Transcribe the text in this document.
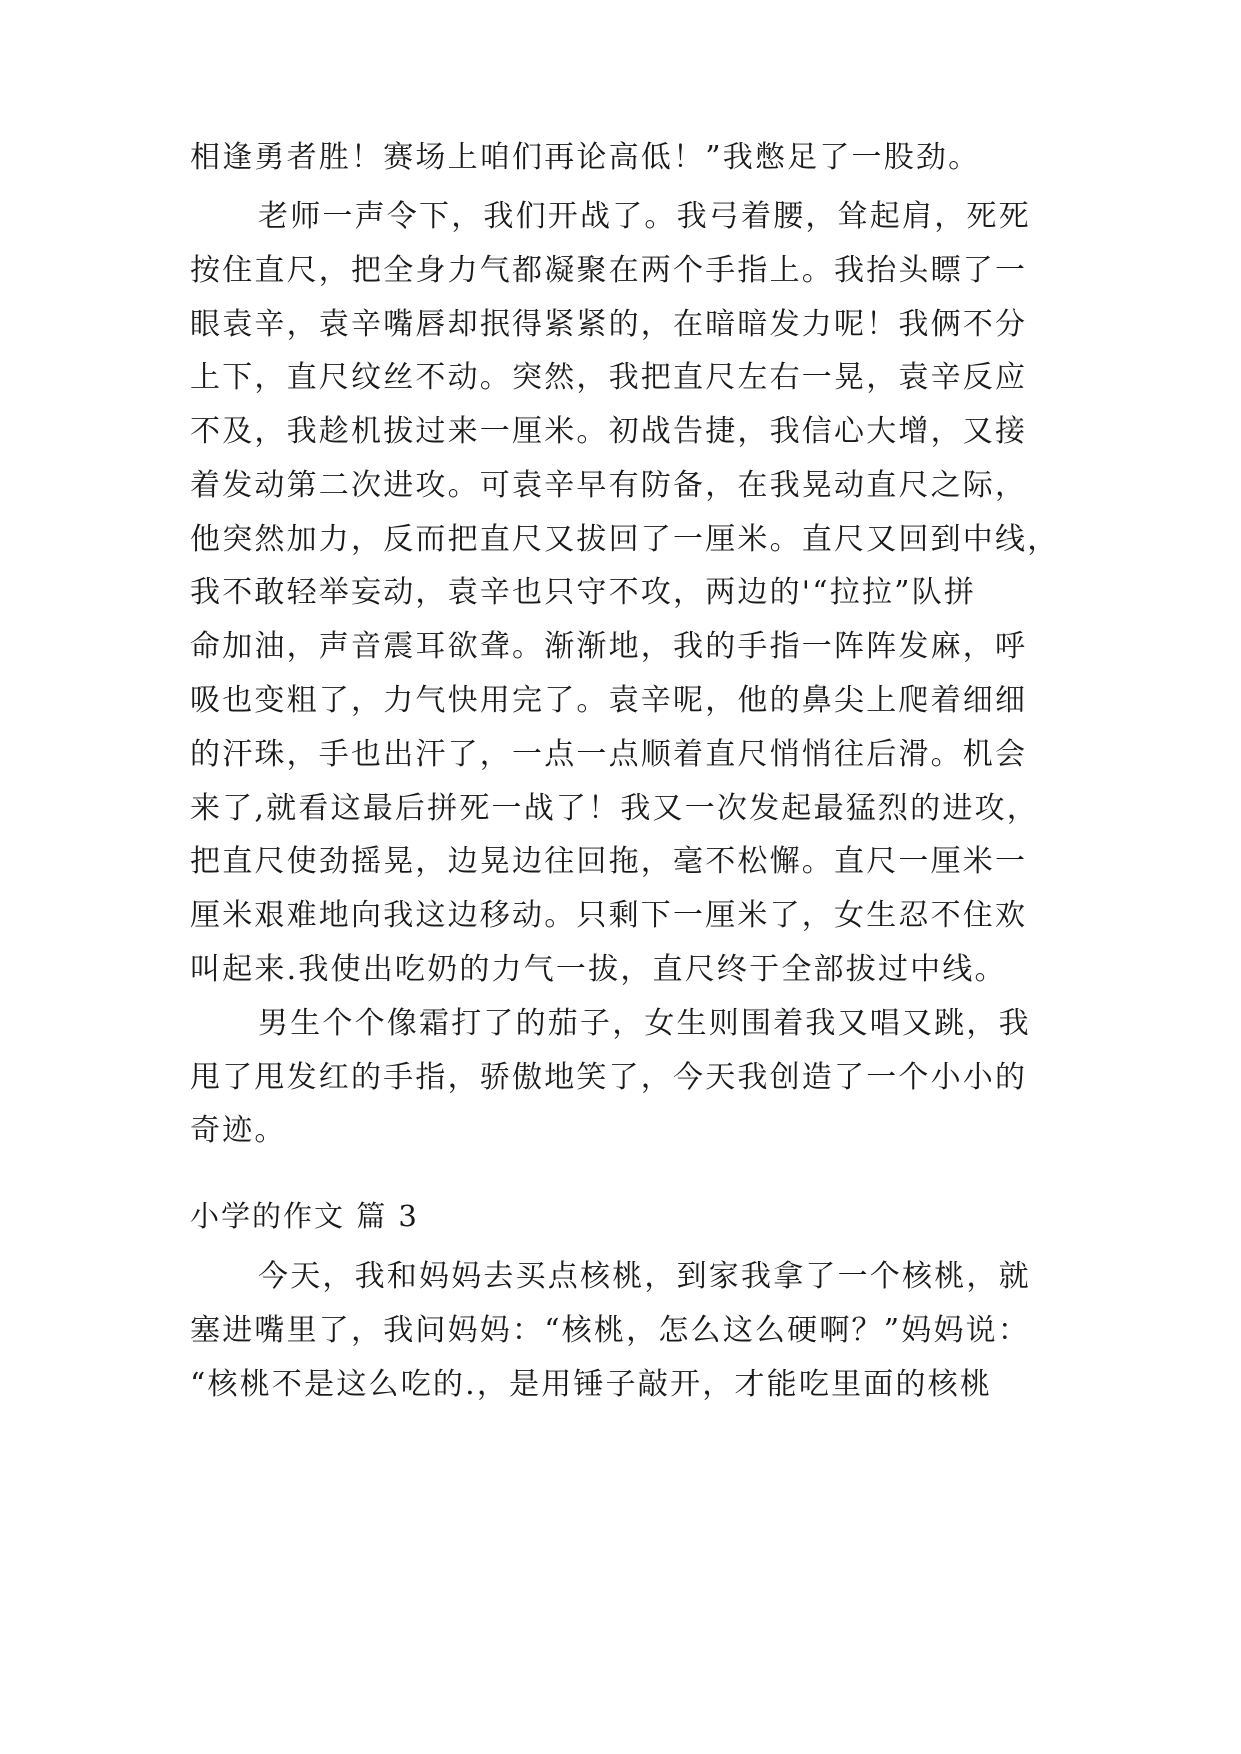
相逢勇者胜！赛场上咱们再论高低！”我憋足了一股劲。
老师一声令下，我们开战了。我弓着腰，耸起肩，死死
按住直尺，把全身力气都凝聚在两个手指上。我抬头瞟了一
眼袁辛，袁辛嘴唇却抿得紧紧的，在暗暗发力呢！我俩不分
上下，直尺纹丝不动。突然，我把直尺左右一晃，袁辛反应
不及，我趁机拔过来一厘米。初战告捷，我信心大增，又接
着发动第二次进攻。可袁辛早有防备，在我晃动直尺之际，
他突然加力，反而把直尺又拔回了一厘米。直尺又回到中线，
我不敢轻举妄动，袁辛也只守不攻，两边的'“拉拉”队拼
命加油，声音震耳欲聋。渐渐地，我的手指一阵阵发麻，呼
吸也变粗了，力气快用完了。袁辛呢，他的鼻尖上爬着细细
的汗珠，手也出汗了，一点一点顺着直尺悄悄往后滑。机会
来了,就看这最后拼死一战了！我又一次发起最猛烈的进攻，
把直尺使劲摇晃，边晃边往回拖，毫不松懈。直尺一厘米一
厘米艰难地向我这边移动。只剩下一厘米了，女生忍不住欢
叫起来.我使出吃奶的力气一拔，直尺终于全部拔过中线。
男生个个像霜打了的茄子，女生则围着我又唱又跳，我
甩了甩发红的手指，骄傲地笑了，今天我创造了一个小小的
奇迹。
小学的作文 篇 3
今天，我和妈妈去买点核桃，到家我拿了一个核桃，就
塞进嘴里了，我问妈妈：“核桃，怎么这么硬啊？”妈妈说：
“核桃不是这么吃的.，是用锤子敲开，才能吃里面的核桃
